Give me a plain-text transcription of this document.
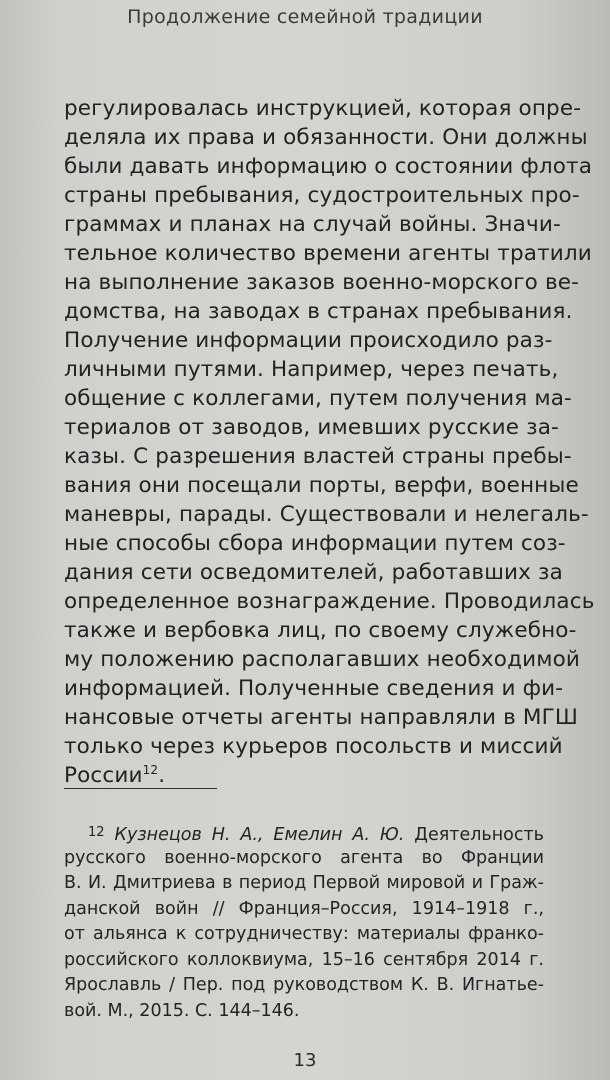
Продолжение семейной традиции
регулировалась инструкцией, которая опре-
деляла их права и обязанности. Они должны
были давать информацию о состоянии флота
страны пребывания, судостроительных про-
граммах и планах на случай войны. Значи-
тельное количество времени агенты тратили
на выполнение заказов военно-морского ве-
домства, на заводах в странах пребывания.
Получение информации происходило раз-
личными путями. Например, через печать,
общение с коллегами, путем получения ма-
териалов от заводов, имевших русские за-
казы. С разрешения властей страны пребы-
вания они посещали порты, верфи, военные
маневры, парады. Существовали и нелегаль-
ные способы сбора информации путем соз-
дания сети осведомителей, работавших за
определенное вознаграждение. Проводилась
также и вербовка лиц, по своему служебно-
му положению располагавших необходимой
информацией. Полученные сведения и фи-
нансовые отчеты агенты направляли в МГШ
только через курьеров посольств и миссий
России$^{12}$.
$^{12}$ Кузнецов Н. А., Емелин А. Ю. Деятельность
русского военно-морского агента во Франции
В. И. Дмитриева в период Первой мировой и Граж-
данской войн // Франция–Россия, 1914–1918 г.,
от альянса к сотрудничеству: материалы франко-
российского коллоквиума, 15–16 сентября 2014 г.
Ярославль / Пер. под руководством К. В. Игнатье-
вой. М., 2015. С. 144–146.
13
